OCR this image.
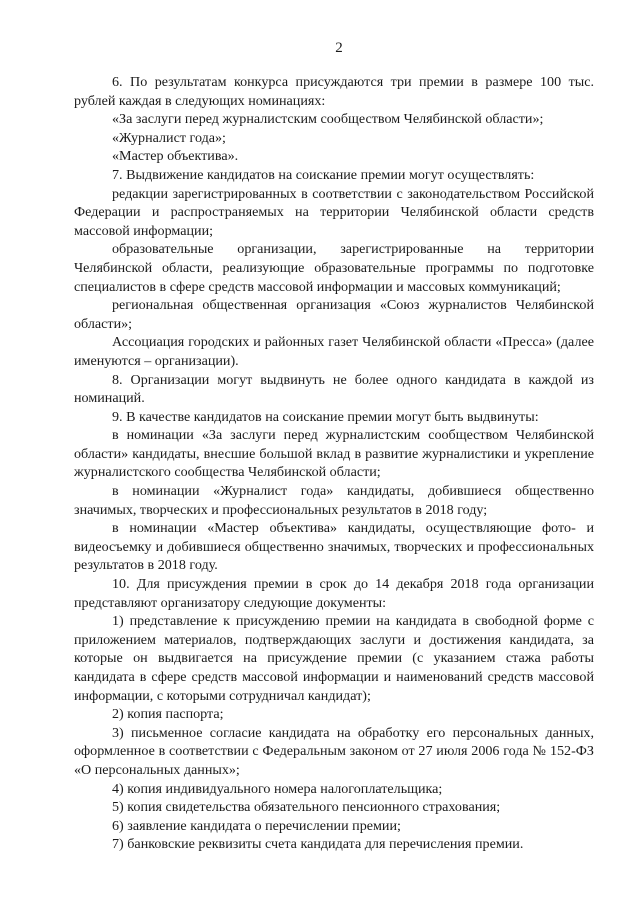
2

6. По результатам конкурса присуждаются три премии в размере 100 тыс. рублей каждая в следующих номинациях:

«За заслуги перед журналистским сообществом Челябинской области»;

«Журналист года»;

«Мастер объектива».

7. Выдвижение кандидатов на соискание премии могут осуществлять:

редакции зарегистрированных в соответствии с законодательством Российской Федерации и распространяемых на территории Челябинской области средств массовой информации;

образовательные организации, зарегистрированные на территории Челябинской области, реализующие образовательные программы по подготовке специалистов в сфере средств массовой информации и массовых коммуникаций;

региональная общественная организация «Союз журналистов Челябинской области»;

Ассоциация городских и районных газет Челябинской области «Пресса» (далее именуются – организации).

8. Организации могут выдвинуть не более одного кандидата в каждой из номинаций.

9. В качестве кандидатов на соискание премии могут быть выдвинуты:

в номинации «За заслуги перед журналистским сообществом Челябинской области» кандидаты, внесшие большой вклад в развитие журналистики и укрепление журналистского сообщества Челябинской области;

в номинации «Журналист года» кандидаты, добившиеся общественно значимых, творческих и профессиональных результатов в 2018 году;

в номинации «Мастер объектива» кандидаты, осуществляющие фото- и видеосъемку и добившиеся общественно значимых, творческих и профессиональных результатов в 2018 году.

10. Для присуждения премии в срок до 14 декабря 2018 года организации представляют организатору следующие документы:

1) представление к присуждению премии на кандидата в свободной форме с приложением материалов, подтверждающих заслуги и достижения кандидата, за которые он выдвигается на присуждение премии (с указанием стажа работы кандидата в сфере средств массовой информации и наименований средств массовой информации, с которыми сотрудничал кандидат);

2) копия паспорта;

3) письменное согласие кандидата на обработку его персональных данных, оформленное в соответствии с Федеральным законом от 27 июля 2006 года № 152-ФЗ «О персональных данных»;

4) копия индивидуального номера налогоплательщика;

5) копия свидетельства обязательного пенсионного страхования;

6) заявление кандидата о перечислении премии;

7) банковские реквизиты счета кандидата для перечисления премии.
